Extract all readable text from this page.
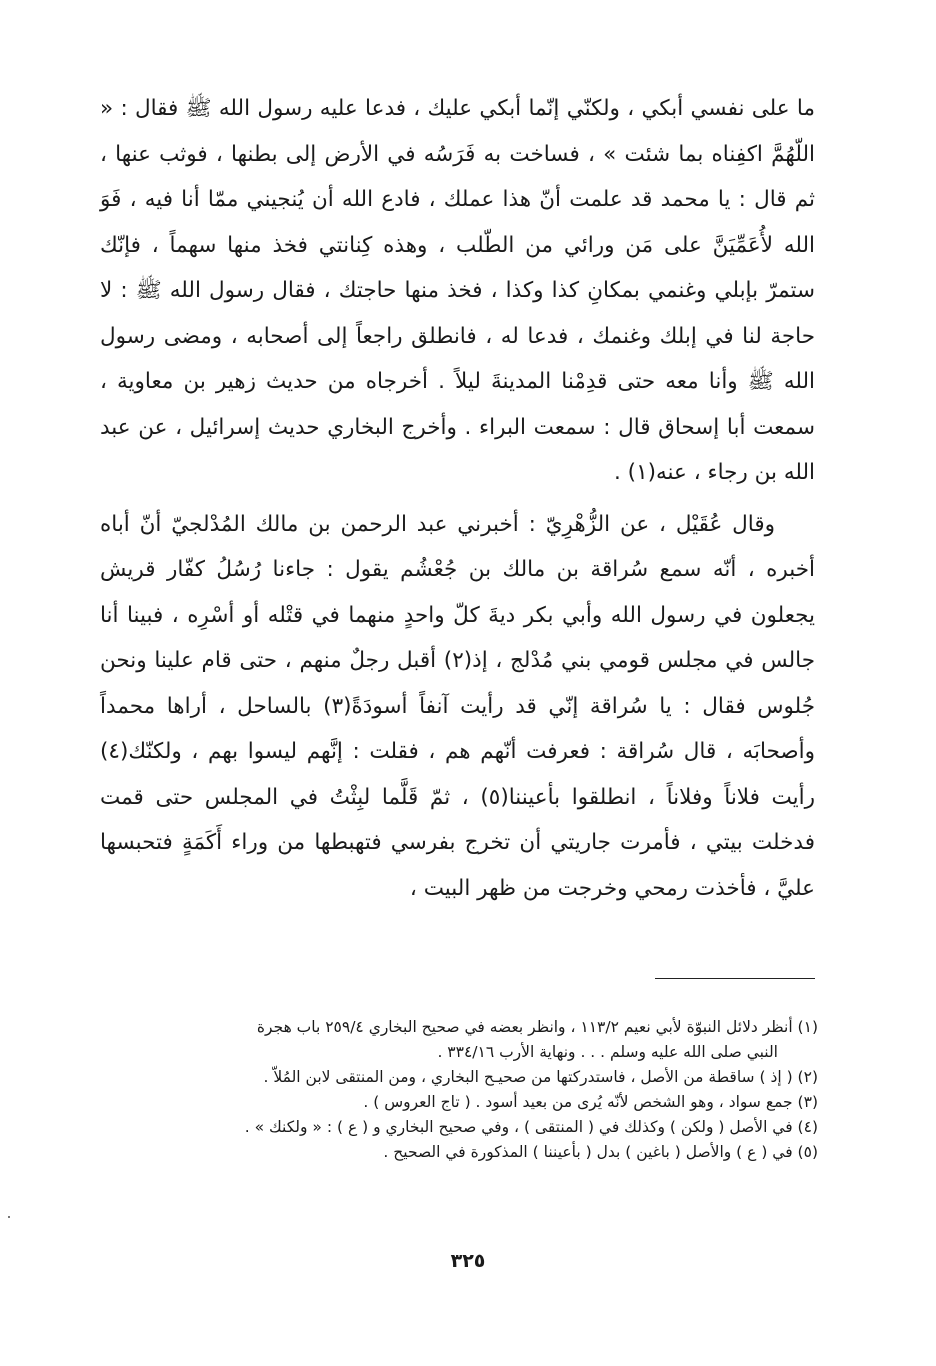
ما على نفسي أبكي ، ولكنّي إنّما أبكي عليك ، فدعا عليه رسول الله ﷺ فقال : « اللّهُمَّ اكفِناه بما شئت » ، فساخت به فَرَسُه في الأرض إلى بطنها ، فوثب عنها ، ثم قال : يا محمد قد علمت أنّ هذا عملك ، فادع الله أن يُنجيني ممّا أنا فيه ، فَوَ الله لأُعَمِّيَنَّ على مَن ورائي من الطّلب ، وهذه كِنانتي فخذ منها سهماً ، فإنّك ستمرّ بإبلي وغنمي بمكانِ كذا وكذا ، فخذ منها حاجتك ، فقال رسول الله ﷺ : لا حاجة لنا في إبلك وغنمك ، فدعا له ، فانطلق راجعاً إلى أصحابه ، ومضى رسول الله ﷺ وأنا معه حتى قدِمْنا المدينةَ ليلاً . أخرجاه من حديث زهير بن معاوية ، سمعت أبا إسحاق قال : سمعت البراء . وأخرج البخاري حديث إسرائيل ، عن عبد الله بن رجاء ، عنه(١) .

وقال عُقَيْل ، عن الزُّهْرِيّ : أخبرني عبد الرحمن بن مالك المُدْلجيّ أنّ أباه أخبره ، أنّه سمع سُراقة بن مالك بن جُعْشُم يقول : جاءنا رُسُلُ كفّار قريش يجعلون في رسول الله وأبي بكر ديةَ كلّ واحدٍ منهما في قتْله أو أسْرِه ، فبينا أنا جالس في مجلس قومي بني مُدْلج ، إذ(٢) أقبل رجلٌ منهم ، حتى قام علينا ونحن جُلوس فقال : يا سُراقة إنّي قد رأيت آنفاً أسودَةً(٣) بالساحل ، أراها محمداً وأصحابَه ، قال سُراقة : فعرفت أنّهم هم ، فقلت : إنَّهم ليسوا بهم ، ولكنّك(٤) رأيت فلاناً وفلاناً ، انطلقوا بأعيننا(٥) ، ثمّ قَلَّما لبِثْتُ في المجلس حتى قمت فدخلت بيتي ، فأمرت جاريتي أن تخرج بفرسي فتهبطها من وراء أَكَمَةٍ فتحبسها عليَّ ، فأخذت رمحي وخرجت من ظهر البيت ،

(١) أنظر دلائل النبوّة لأبي نعيم ١١٣/٢ ، وانظر بعضه في صحيح البخاري ٢٥٩/٤ باب هجرة

النبي صلى الله عليه وسلم . . . ونهاية الأرب ٣٣٤/١٦ .

(٢) ( إذ ) ساقطة من الأصل ، فاستدركتها من صحيـح البخاري ، ومن المنتقى لابن المُلاّ .

(٣) جمع سواد ، وهو الشخص لأنّه يُرى من بعيد أسود . ( تاج العروس ) .

(٤) في الأصل ( ولكن ) وكذلك في ( المنتقى ) ، وفي صحيح البخاري و ( ع ) : « ولكنك » .

(٥) في ( ع ) والأصل ( باغين ) بدل ( بأعيننا ) المذكورة في الصحيح .

٣٢٥
